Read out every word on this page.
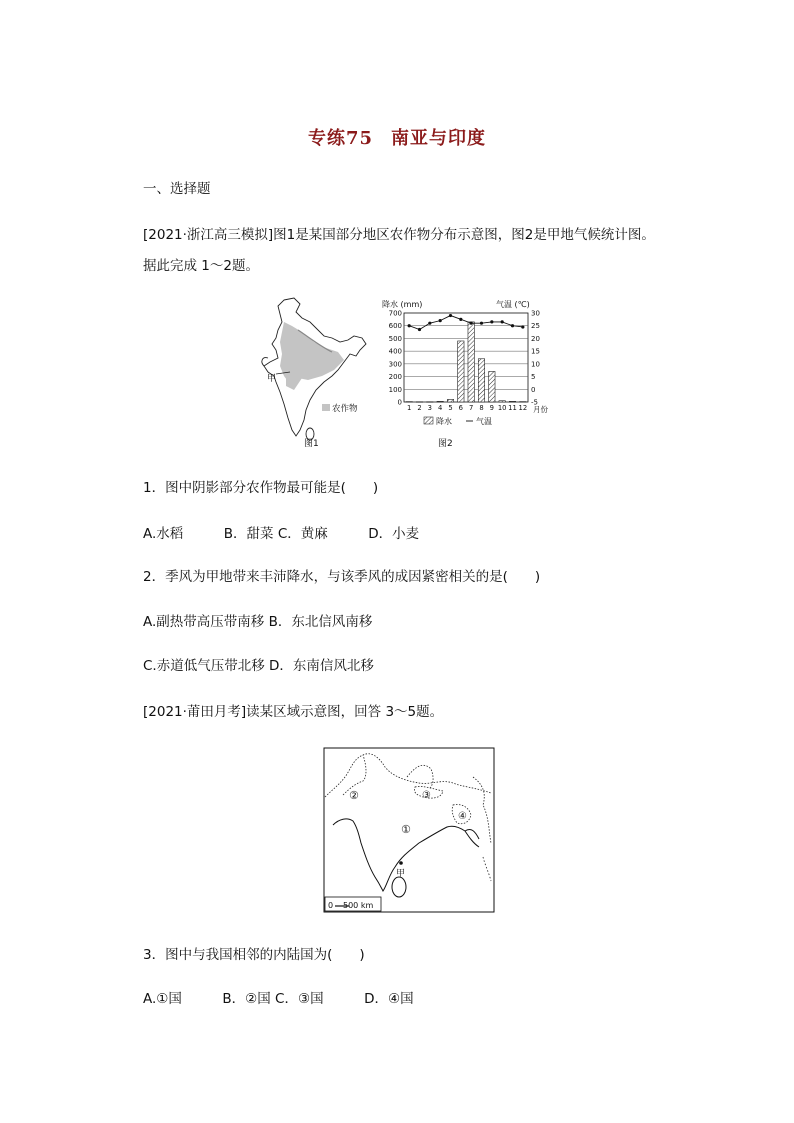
专练75 南亚与印度
一、选择题
[2021·浙江高三模拟]图1是某国部分地区农作物分布示意图，图2是甲地气候统计图。
据此完成 1～2题。
甲
农作物
图1
降水 (mm)	气温 (℃)
0
100
200
300
400
500
600
700
-5
0
5
10
15
20
25
30
1 2 3 4 5 6 7 8 9 10 11 12 月份
降水	气温
图2
1．图中阴影部分农作物最可能是(　　)
A.水稻　　　B．甜菜 C．黄麻　　　D．小麦
2．季风为甲地带来丰沛降水，与该季风的成因紧密相关的是(　　)
A.副热带高压带南移 B．东北信风南移
C.赤道低气压带北移 D．东南信风北移
[2021·莆田月考]读某区域示意图，回答 3～5题。
①
②	③
④
甲
0 500 km
3．图中与我国相邻的内陆国为(　　)
A.①国　　　B．②国 C．③国　　　D．④国
